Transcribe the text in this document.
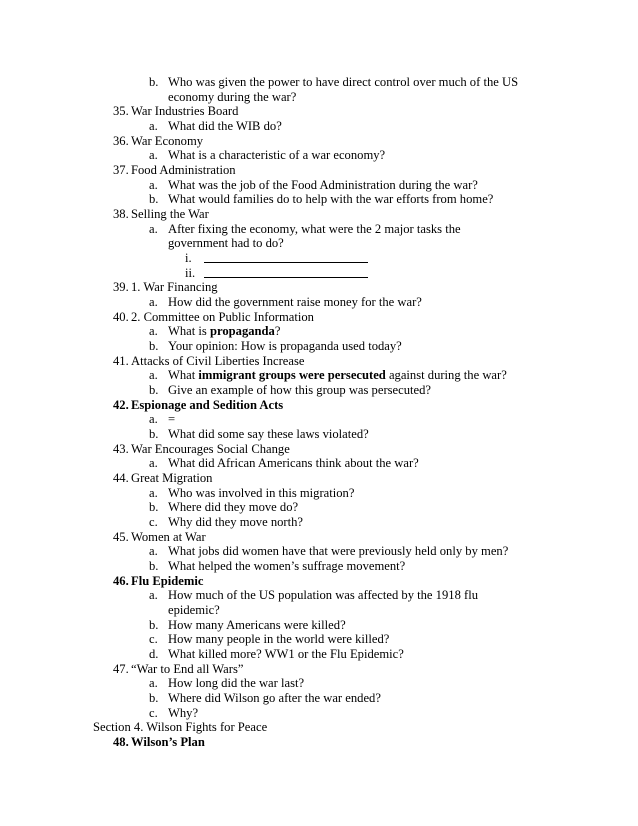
b. Who was given the power to have direct control over much of the US
economy during the war?
35. War Industries Board
a. What did the WIB do?
36. War Economy
a. What is a characteristic of a war economy?
37. Food Administration
a. What was the job of the Food Administration during the war?
b. What would families do to help with the war efforts from home?
38. Selling the War
a. After fixing the economy, what were the 2 major tasks the
government had to do?
i.
ii.
39. 1. War Financing
a. How did the government raise money for the war?
40. 2. Committee on Public Information
a. What is propaganda?
b. Your opinion: How is propaganda used today?
41. Attacks of Civil Liberties Increase
a. What immigrant groups were persecuted against during the war?
b. Give an example of how this group was persecuted?
42. Espionage and Sedition Acts
a. =
b. What did some say these laws violated?
43. War Encourages Social Change
a. What did African Americans think about the war?
44. Great Migration
a. Who was involved in this migration?
b. Where did they move do?
c. Why did they move north?
45. Women at War
a. What jobs did women have that were previously held only by men?
b. What helped the women’s suffrage movement?
46. Flu Epidemic
a. How much of the US population was affected by the 1918 flu
epidemic?
b. How many Americans were killed?
c. How many people in the world were killed?
d. What killed more? WW1 or the Flu Epidemic?
47. “War to End all Wars”
a. How long did the war last?
b. Where did Wilson go after the war ended?
c. Why?
Section 4. Wilson Fights for Peace
48. Wilson’s Plan
